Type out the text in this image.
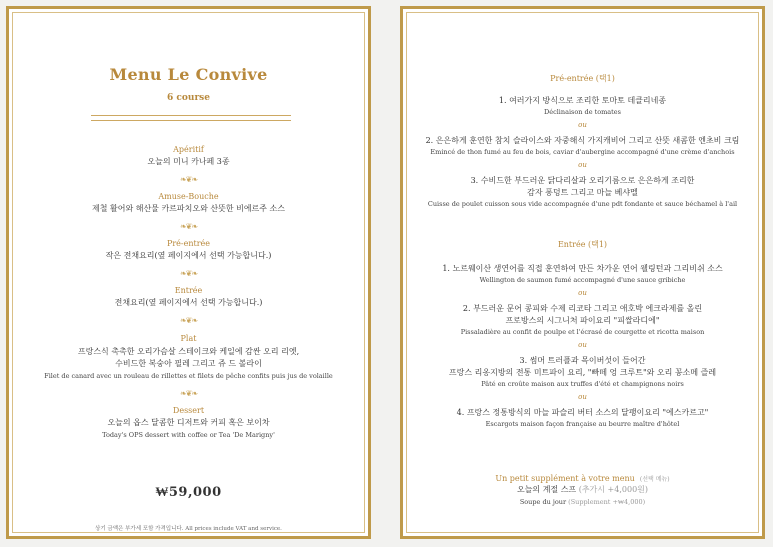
Menu Le Convive
6 course
Apéritif
오늘의 미니 카나페 3종
❧❦❧
Amuse-Bouche
제철 활어와 해산물 카르파치오와 산뜻한 비에르주 소스
❧❦❧
Pré-entrée
작은 전채요리(옆 페이지에서 선택 가능합니다.)
❧❦❧
Entrée
전채요리(옆 페이지에서 선택 가능합니다.)
❧❦❧
Plat
프랑스식 촉촉한 오리가슴살 스테이크와 케일에 감싼 오리 리엣,
수비드한 복숭아 필레 그리고 쥬 드 볼라이
Filet de canard avec un rouleau de rillettes et filets de pêche confits puis jus de volaille
❧❦❧
Dessert
오늘의 옵스 달콤한 디저트와 커피 혹은 보이차
Today's OPS dessert with coffee or Tea 'De Marigny'
₩59,000
상기 금액은 부가세 포함 가격입니다. All prices include VAT and service.
Pré-entrée (택1)
1. 여러가지 방식으로 조리한 토마토 데클리네종
Déclinaison de tomates
ou
2. 은은하게 훈연한 참치 슬라이스와 자중해식 가지캐비어 그리고 산뜻 새콤한 엔초비 크림
Emincé de thon fumé au feu de bois, caviar d'aubergine accompagné d'une crème d'anchois
ou
3. 수비드한 부드러운 닭다리살과 오리기름으로 은은하게 조리한
감자 퐁덩트 그리고 마늘 베샤멜
Cuisse de poulet cuisson sous vide accompagnée d'une pdt fondante et sauce béchamel à l'ail
Entrée (택1)
1. 노르웨이산 생연어를 직접 훈연하여 만든 차가운 연어 웰링턴과 그리비쉬 소스
Wellington de saumon fumé accompagné d'une sauce gribiche
ou
2. 부드러운 문어 콩피와 수제 리코타 그리고 애호박 에크라제를 올린
프로방스의 시그니처 파이요리 "피쌀라디에"
Pissaladière au confit de poulpe et l'écrasé de courgette et ricotta maison
ou
3. 썸머 트러플과 목이버섯이 들어간
프랑스 리옹지방의 전통 미트파이 요리, "빠떼 엉 크루트"와 오리 꽁소메 즐레
Pâté en croûte maison aux truffes d'été et champignons noirs
ou
4. 프랑스 정통방식의 마늘 파슬리 버터 소스의 달팽이요리 "에스카르고"
Escargots maison façon française au beurre maître d'hôtel
Un petit supplément à votre menu (선택 메뉴)
오늘의 계절 스프 (추가시 +4,000원)
Soupe du jour (Supplement +₩4,000)
